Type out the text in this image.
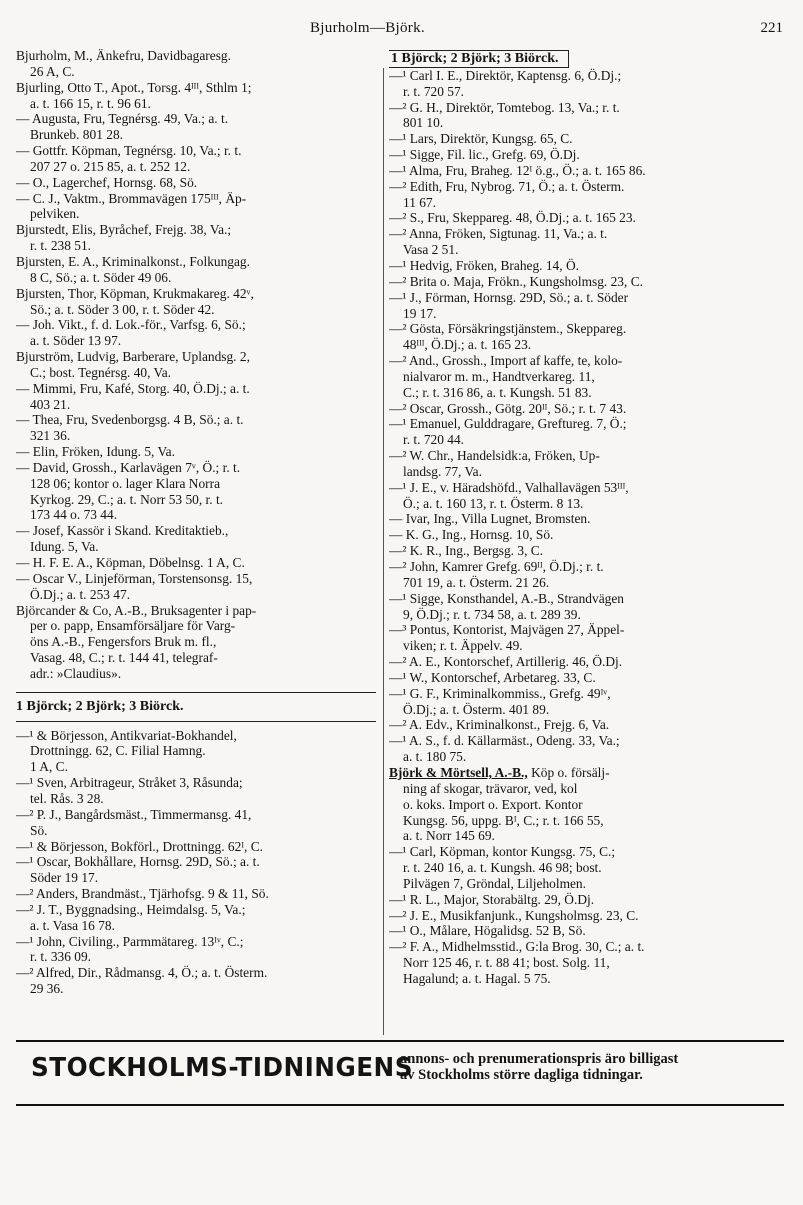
Bjurholm—Björk.	221
Bjurholm, M., Änkefru, Davidbagaresg.
26 A, C.
Bjurling, Otto T., Apot., Torsg. 4ᴵᴵᴵ, Sthlm 1;
a. t. 166 15, r. t. 96 61.
— Augusta, Fru, Tegnérsg. 49, Va.; a. t.
Brunkeb. 801 28.
— Gottfr. Köpman, Tegnérsg. 10, Va.; r. t.
207 27 o. 215 85, a. t. 252 12.
— O., Lagerchef, Hornsg. 68, Sö.
— C. J., Vaktm., Brommavägen 175ᴵᴵᴵ, Äp-
pelviken.
Bjurstedt, Elis, Byråchef, Frejg. 38, Va.;
r. t. 238 51.
Bjursten, E. A., Kriminalkonst., Folkungag.
8 C, Sö.; a. t. Söder 49 06.
Bjursten, Thor, Köpman, Krukmakareg. 42ᵛ,
Sö.; a. t. Söder 3 00, r. t. Söder 42.
— Joh. Vikt., f. d. Lok.-för., Varfsg. 6, Sö.;
a. t. Söder 13 97.
Bjurström, Ludvig, Barberare, Uplandsg. 2,
C.; bost. Tegnérsg. 40, Va.
— Mimmi, Fru, Kafé, Storg. 40, Ö.Dj.; a. t.
403 21.
— Thea, Fru, Svedenborgsg. 4 B, Sö.; a. t.
321 36.
— Elin, Fröken, Idung. 5, Va.
— David, Grossh., Karlavägen 7ᵛ, Ö.; r. t.
128 06; kontor o. lager Klara Norra
Kyrkog. 29, C.; a. t. Norr 53 50, r. t.
173 44 o. 73 44.
— Josef, Kassör i Skand. Kreditaktieb.,
Idung. 5, Va.
— H. F. E. A., Köpman, Döbelnsg. 1 A, C.
— Oscar V., Linjeförman, Torstensonsg. 15,
Ö.Dj.; a. t. 253 47.
Björcander & Co, A.-B., Bruksagenter i pap-
per o. papp, Ensamförsäljare för Varg-
öns A.-B., Fengersfors Bruk m. fl.,
Vasag. 48, C.; r. t. 144 41, telegraf-
adr.: »Claudius».
1 Björck; 2 Björk; 3 Biörck.
—¹ & Börjesson, Antikvariat-Bokhandel,
Drottningg. 62, C. Filial Hamng.
1 A, C.
—¹ Sven, Arbitrageur, Stråket 3, Råsunda;
tel. Rås. 3 28.
—² P. J., Bangårdsmäst., Timmermansg. 41,
Sö.
—¹ & Börjesson, Bokförl., Drottningg. 62ᴵ, C.
—¹ Oscar, Bokhållare, Hornsg. 29D, Sö.; a. t.
Söder 19 17.
—² Anders, Brandmäst., Tjärhofsg. 9 & 11, Sö.
—² J. T., Byggnadsing., Heimdalsg. 5, Va.;
a. t. Vasa 16 78.
—¹ John, Civiling., Parmmätareg. 13ᴵᵛ, C.;
r. t. 336 09.
—² Alfred, Dir., Rådmansg. 4, Ö.; a. t. Österm.
29 36.
1 Björck; 2 Björk; 3 Biörck.
—¹ Carl I. E., Direktör, Kaptensg. 6, Ö.Dj.;
r. t. 720 57.
—² G. H., Direktör, Tomtebog. 13, Va.; r. t.
801 10.
—¹ Lars, Direktör, Kungsg. 65, C.
—¹ Sigge, Fil. lic., Grefg. 69, Ö.Dj.
—¹ Alma, Fru, Braheg. 12ᴵ ö.g., Ö.; a. t. 165 86.
—² Edith, Fru, Nybrog. 71, Ö.; a. t. Österm.
11 67.
—² S., Fru, Skeppareg. 48, Ö.Dj.; a. t. 165 23.
—² Anna, Fröken, Sigtunag. 11, Va.; a. t.
Vasa 2 51.
—¹ Hedvig, Fröken, Braheg. 14, Ö.
—² Brita o. Maja, Frökn., Kungsholmsg. 23, C.
—¹ J., Förman, Hornsg. 29D, Sö.; a. t. Söder
19 17.
—² Gösta, Försäkringstjänstem., Skeppareg.
48ᴵᴵᴵ, Ö.Dj.; a. t. 165 23.
—² And., Grossh., Import af kaffe, te, kolo-
nialvaror m. m., Handtverkareg. 11,
C.; r. t. 316 86, a. t. Kungsh. 51 83.
—² Oscar, Grossh., Götg. 20ᴵᴵ, Sö.; r. t. 7 43.
—¹ Emanuel, Gulddragare, Greftureg. 7, Ö.;
r. t. 720 44.
—² W. Chr., Handelsidk:a, Fröken, Up-
landsg. 77, Va.
—¹ J. E., v. Häradshöfd., Valhallavägen 53ᴵᴵᴵ,
Ö.; a. t. 160 13, r. t. Österm. 8 13.
— Ivar, Ing., Villa Lugnet, Bromsten.
— K. G., Ing., Hornsg. 10, Sö.
—² K. R., Ing., Bergsg. 3, C.
—² John, Kamrer Grefg. 69ᴵᴵ, Ö.Dj.; r. t.
701 19, a. t. Österm. 21 26.
—¹ Sigge, Konsthandel, A.-B., Strandvägen
9, Ö.Dj.; r. t. 734 58, a. t. 289 39.
—³ Pontus, Kontorist, Majvägen 27, Äppel-
viken; r. t. Äppelv. 49.
—² A. E., Kontorschef, Artillerig. 46, Ö.Dj.
—¹ W., Kontorschef, Arbetareg. 33, C.
—¹ G. F., Kriminalkommiss., Grefg. 49ᴵᵛ,
Ö.Dj.; a. t. Österm. 401 89.
—² A. Edv., Kriminalkonst., Frejg. 6, Va.
—¹ A. S., f. d. Källarmäst., Odeng. 33, Va.;
a. t. 180 75.
Björk & Mörtsell, A.-B., Köp o. försälj-
ning af skogar, trävaror, ved, kol
o. koks. Import o. Export. Kontor
Kungsg. 56, uppg. Bᴵ, C.; r. t. 166 55,
a. t. Norr 145 69.
—¹ Carl, Köpman, kontor Kungsg. 75, C.;
r. t. 240 16, a. t. Kungsh. 46 98; bost.
Pilvägen 7, Gröndal, Liljeholmen.
—¹ R. L., Major, Storabältg. 29, Ö.Dj.
—² J. E., Musikfanjunk., Kungsholmsg. 23, C.
—¹ O., Målare, Högalidsg. 52 B, Sö.
—² F. A., Midhelmsstid., G:la Brog. 30, C.; a. t.
Norr 125 46, r. t. 88 41; bost. Solg. 11,
Hagalund; a. t. Hagal. 5 75.
STOCKHOLMS-TIDNINGENS
annons- och prenumerationspris äro billigast
av Stockholms större dagliga tidningar.
